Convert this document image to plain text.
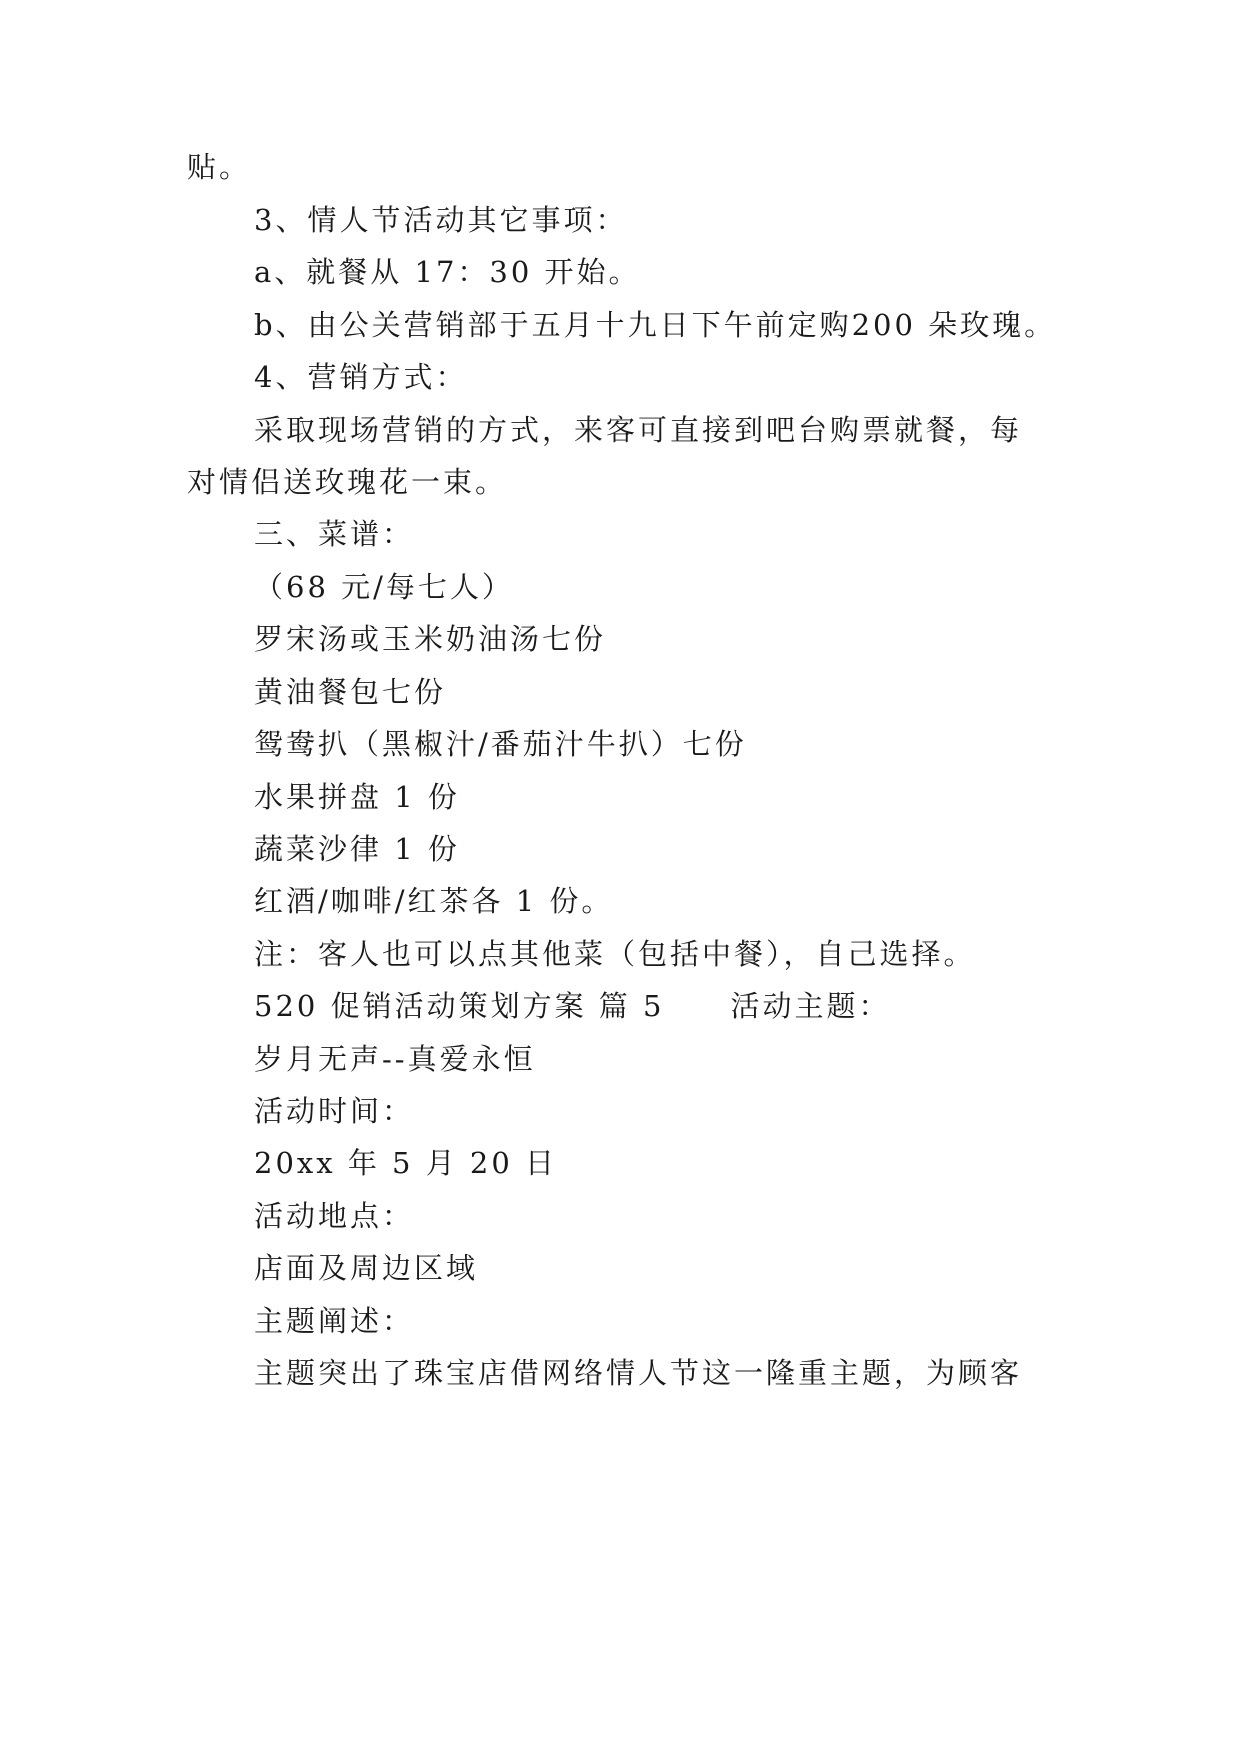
贴。
3、情人节活动其它事项：
a、就餐从 17：30 开始。
b、由公关营销部于五月十九日下午前定购200 朵玫瑰。
4、营销方式：
采取现场营销的方式，来客可直接到吧台购票就餐，每
对情侣送玫瑰花一束。
三、菜谱：
（68 元/每七人）
罗宋汤或玉米奶油汤七份
黄油餐包七份
鸳鸯扒（黑椒汁/番茄汁牛扒）七份
水果拼盘 1 份
蔬菜沙律 1 份
红酒/咖啡/红茶各 1 份。
注：客人也可以点其他菜（包括中餐），自己选择。
520 促销活动策划方案 篇 5 活动主题：
岁月无声--真爱永恒
活动时间：
20xx 年 5 月 20 日
活动地点：
店面及周边区域
主题阐述：
主题突出了珠宝店借网络情人节这一隆重主题，为顾客
